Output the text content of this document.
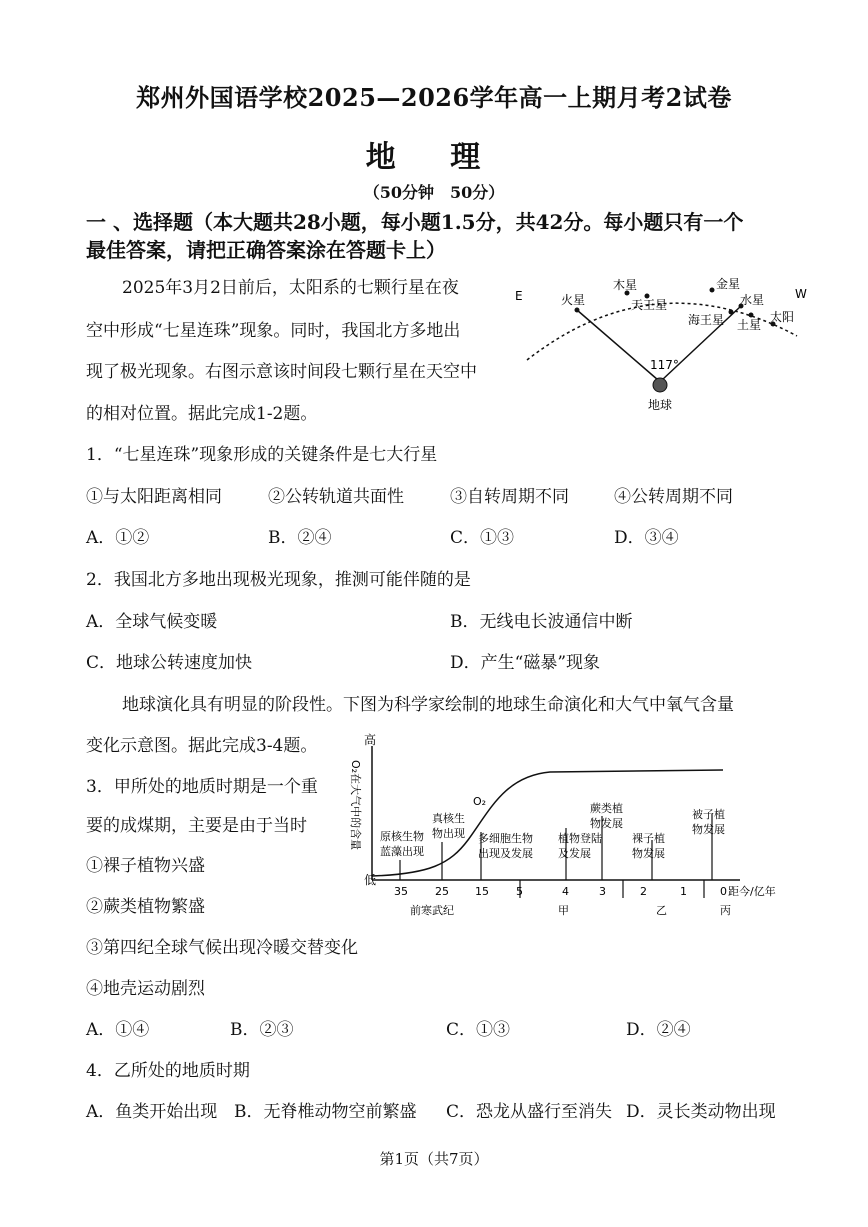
郑州外国语学校2025—2026学年高一上期月考2试卷
地 理
（50分钟　50分）
一 、选择题（本大题共28小题，每小题1.5分，共42分。每小题只有一个
最佳答案，请把正确答案涂在答题卡上）
2025年3月2日前后，太阳系的七颗行星在夜
空中形成“七星连珠”现象。同时，我国北方多地出
现了极光现象。右图示意该时间段七颗行星在天空中
的相对位置。据此完成1-2题。
E	W
火星
木星
天王星
金星
水星
海王星 土星
太阳
117°
地球
1．“七星连珠”现象形成的关键条件是七大行星
①与太阳距离相同	②公转轨道共面性	③自转周期不同	④公转周期不同
A．①②	B．②④	C．①③	D．③④
2．我国北方多地出现极光现象，推测可能伴随的是
A．全球气候变暖	B．无线电长波通信中断
C．地球公转速度加快	D．产生“磁暴”现象
地球演化具有明显的阶段性。下图为科学家绘制的地球生命演化和大气中氧气含量
变化示意图。据此完成3-4题。	高
低
O₂在大气中的含量	O₂
原核生物
蓝藻出现
真核生
物出现 多细胞生物
出现及发展
植物登陆
及发展
蕨类植
物发展
裸子植
物发展
被子植
物发展
35 25 15 5	4	3	2	1	0 距今/亿年
前寒武纪	甲	乙	丙
3．甲所处的地质时期是一个重
要的成煤期，主要是由于当时
①裸子植物兴盛
②蕨类植物繁盛
③第四纪全球气候出现冷暖交替变化
④地壳运动剧烈
A．①④	B．②③	C．①③	D．②④
4．乙所处的地质时期
A．鱼类开始出现 B．无脊椎动物空前繁盛 C．恐龙从盛行至消失 D．灵长类动物出现
第1页（共7页）
